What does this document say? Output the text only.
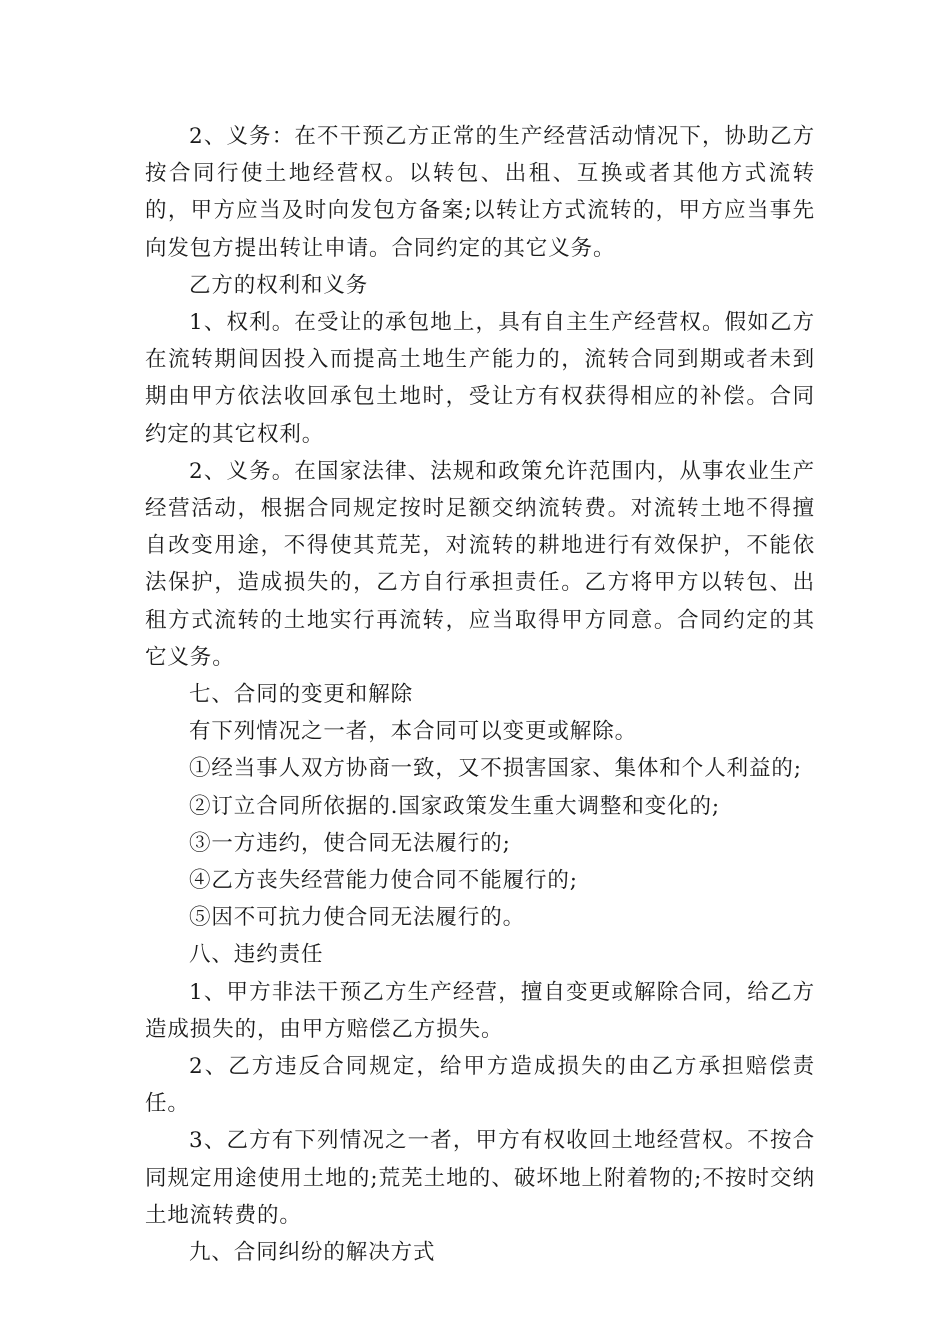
2、义务：在不干预乙方正常的生产经营活动情况下，协助乙方按合同行使土地经营权。以转包、出租、互换或者其他方式流转的，甲方应当及时向发包方备案;以转让方式流转的，甲方应当事先向发包方提出转让申请。合同约定的其它义务。

乙方的权利和义务

1、权利。在受让的承包地上，具有自主生产经营权。假如乙方在流转期间因投入而提高土地生产能力的，流转合同到期或者未到期由甲方依法收回承包土地时，受让方有权获得相应的补偿。合同约定的其它权利。

2、义务。在国家法律、法规和政策允许范围内，从事农业生产经营活动，根据合同规定按时足额交纳流转费。对流转土地不得擅自改变用途，不得使其荒芜，对流转的耕地进行有效保护，不能依法保护，造成损失的，乙方自行承担责任。乙方将甲方以转包、出租方式流转的土地实行再流转，应当取得甲方同意。合同约定的其它义务。

七、合同的变更和解除

有下列情况之一者，本合同可以变更或解除。

①经当事人双方协商一致，又不损害国家、集体和个人利益的;

②订立合同所依据的.国家政策发生重大调整和变化的;

③一方违约，使合同无法履行的;

④乙方丧失经营能力使合同不能履行的;

⑤因不可抗力使合同无法履行的。

八、违约责任

1、甲方非法干预乙方生产经营，擅自变更或解除合同，给乙方造成损失的，由甲方赔偿乙方损失。

2、乙方违反合同规定，给甲方造成损失的由乙方承担赔偿责任。

3、乙方有下列情况之一者，甲方有权收回土地经营权。不按合同规定用途使用土地的;荒芜土地的、破坏地上附着物的;不按时交纳土地流转费的。

九、合同纠纷的解决方式
